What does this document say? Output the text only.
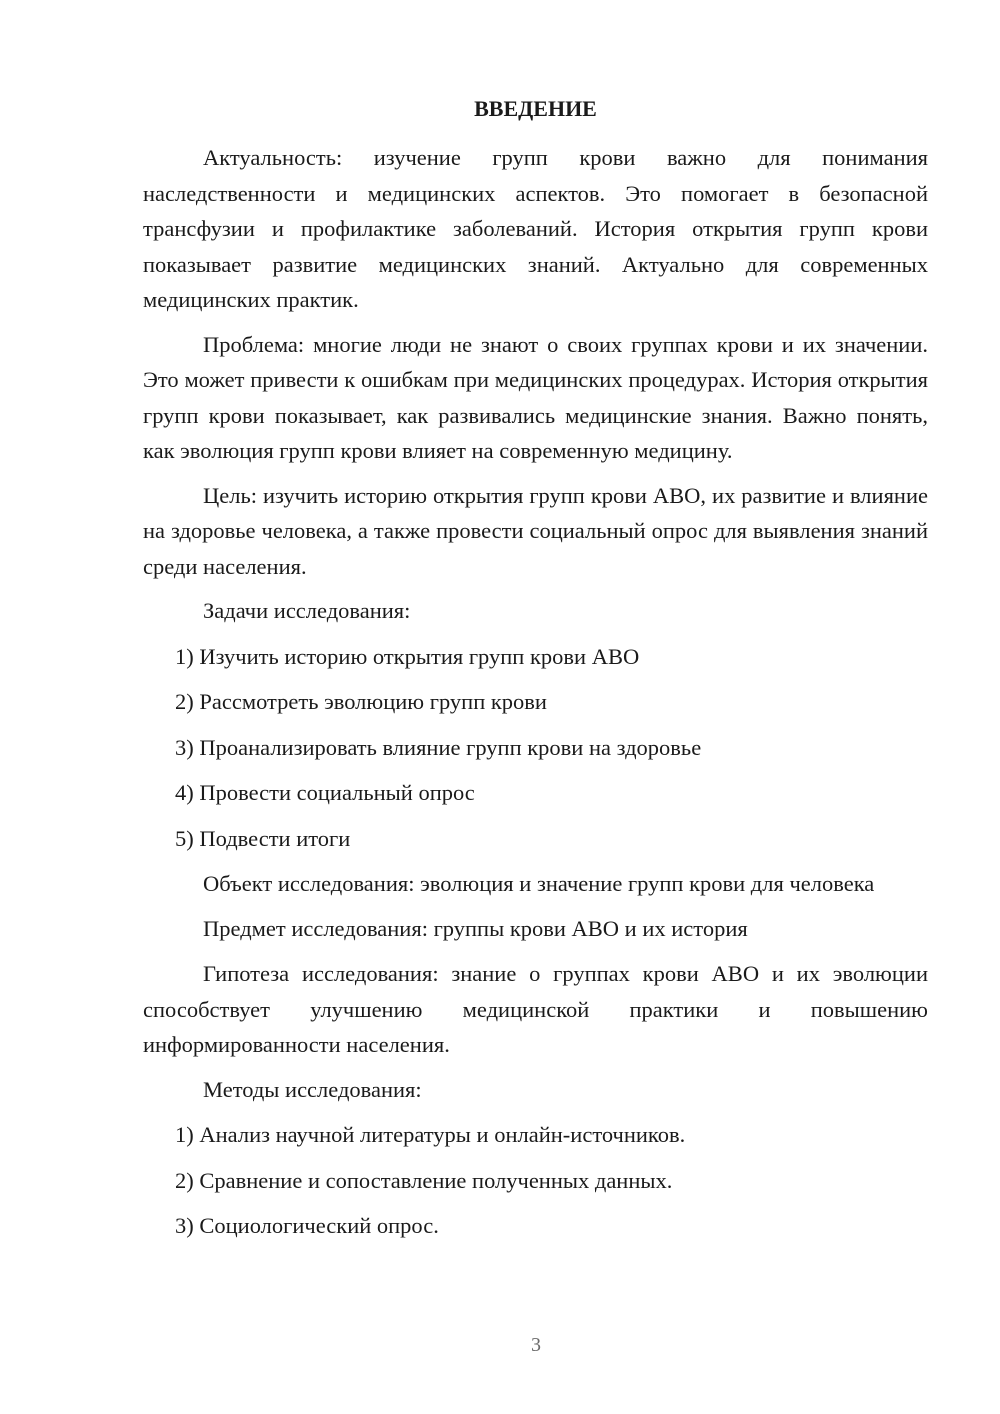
ВВЕДЕНИЕ

Актуальность: изучение групп крови важно для понимания наследственности и медицинских аспектов. Это помогает в безопасной трансфузии и профилактике заболеваний. История открытия групп крови показывает развитие медицинских знаний. Актуально для современных медицинских практик.

Проблема: многие люди не знают о своих группах крови и их значении. Это может привести к ошибкам при медицинских процедурах. История открытия групп крови показывает, как развивались медицинские знания. Важно понять, как эволюция групп крови влияет на современную медицину.

Цель: изучить историю открытия групп крови АВО, их развитие и влияние на здоровье человека, а также провести социальный опрос для выявления знаний среди населения.

Задачи исследования:

1) Изучить историю открытия групп крови АВО
2) Рассмотреть эволюцию групп крови
3) Проанализировать влияние групп крови на здоровье
4) Провести социальный опрос
5) Подвести итоги

Объект исследования: эволюция и значение групп крови для человека

Предмет исследования: группы крови АВО и их история

Гипотеза исследования: знание о группах крови АВО и их эволюции способствует улучшению медицинской практики и повышению информированности населения.

Методы исследования:

1) Анализ научной литературы и онлайн-источников.
2) Сравнение и сопоставление полученных данных.
3) Социологический опрос.
3
